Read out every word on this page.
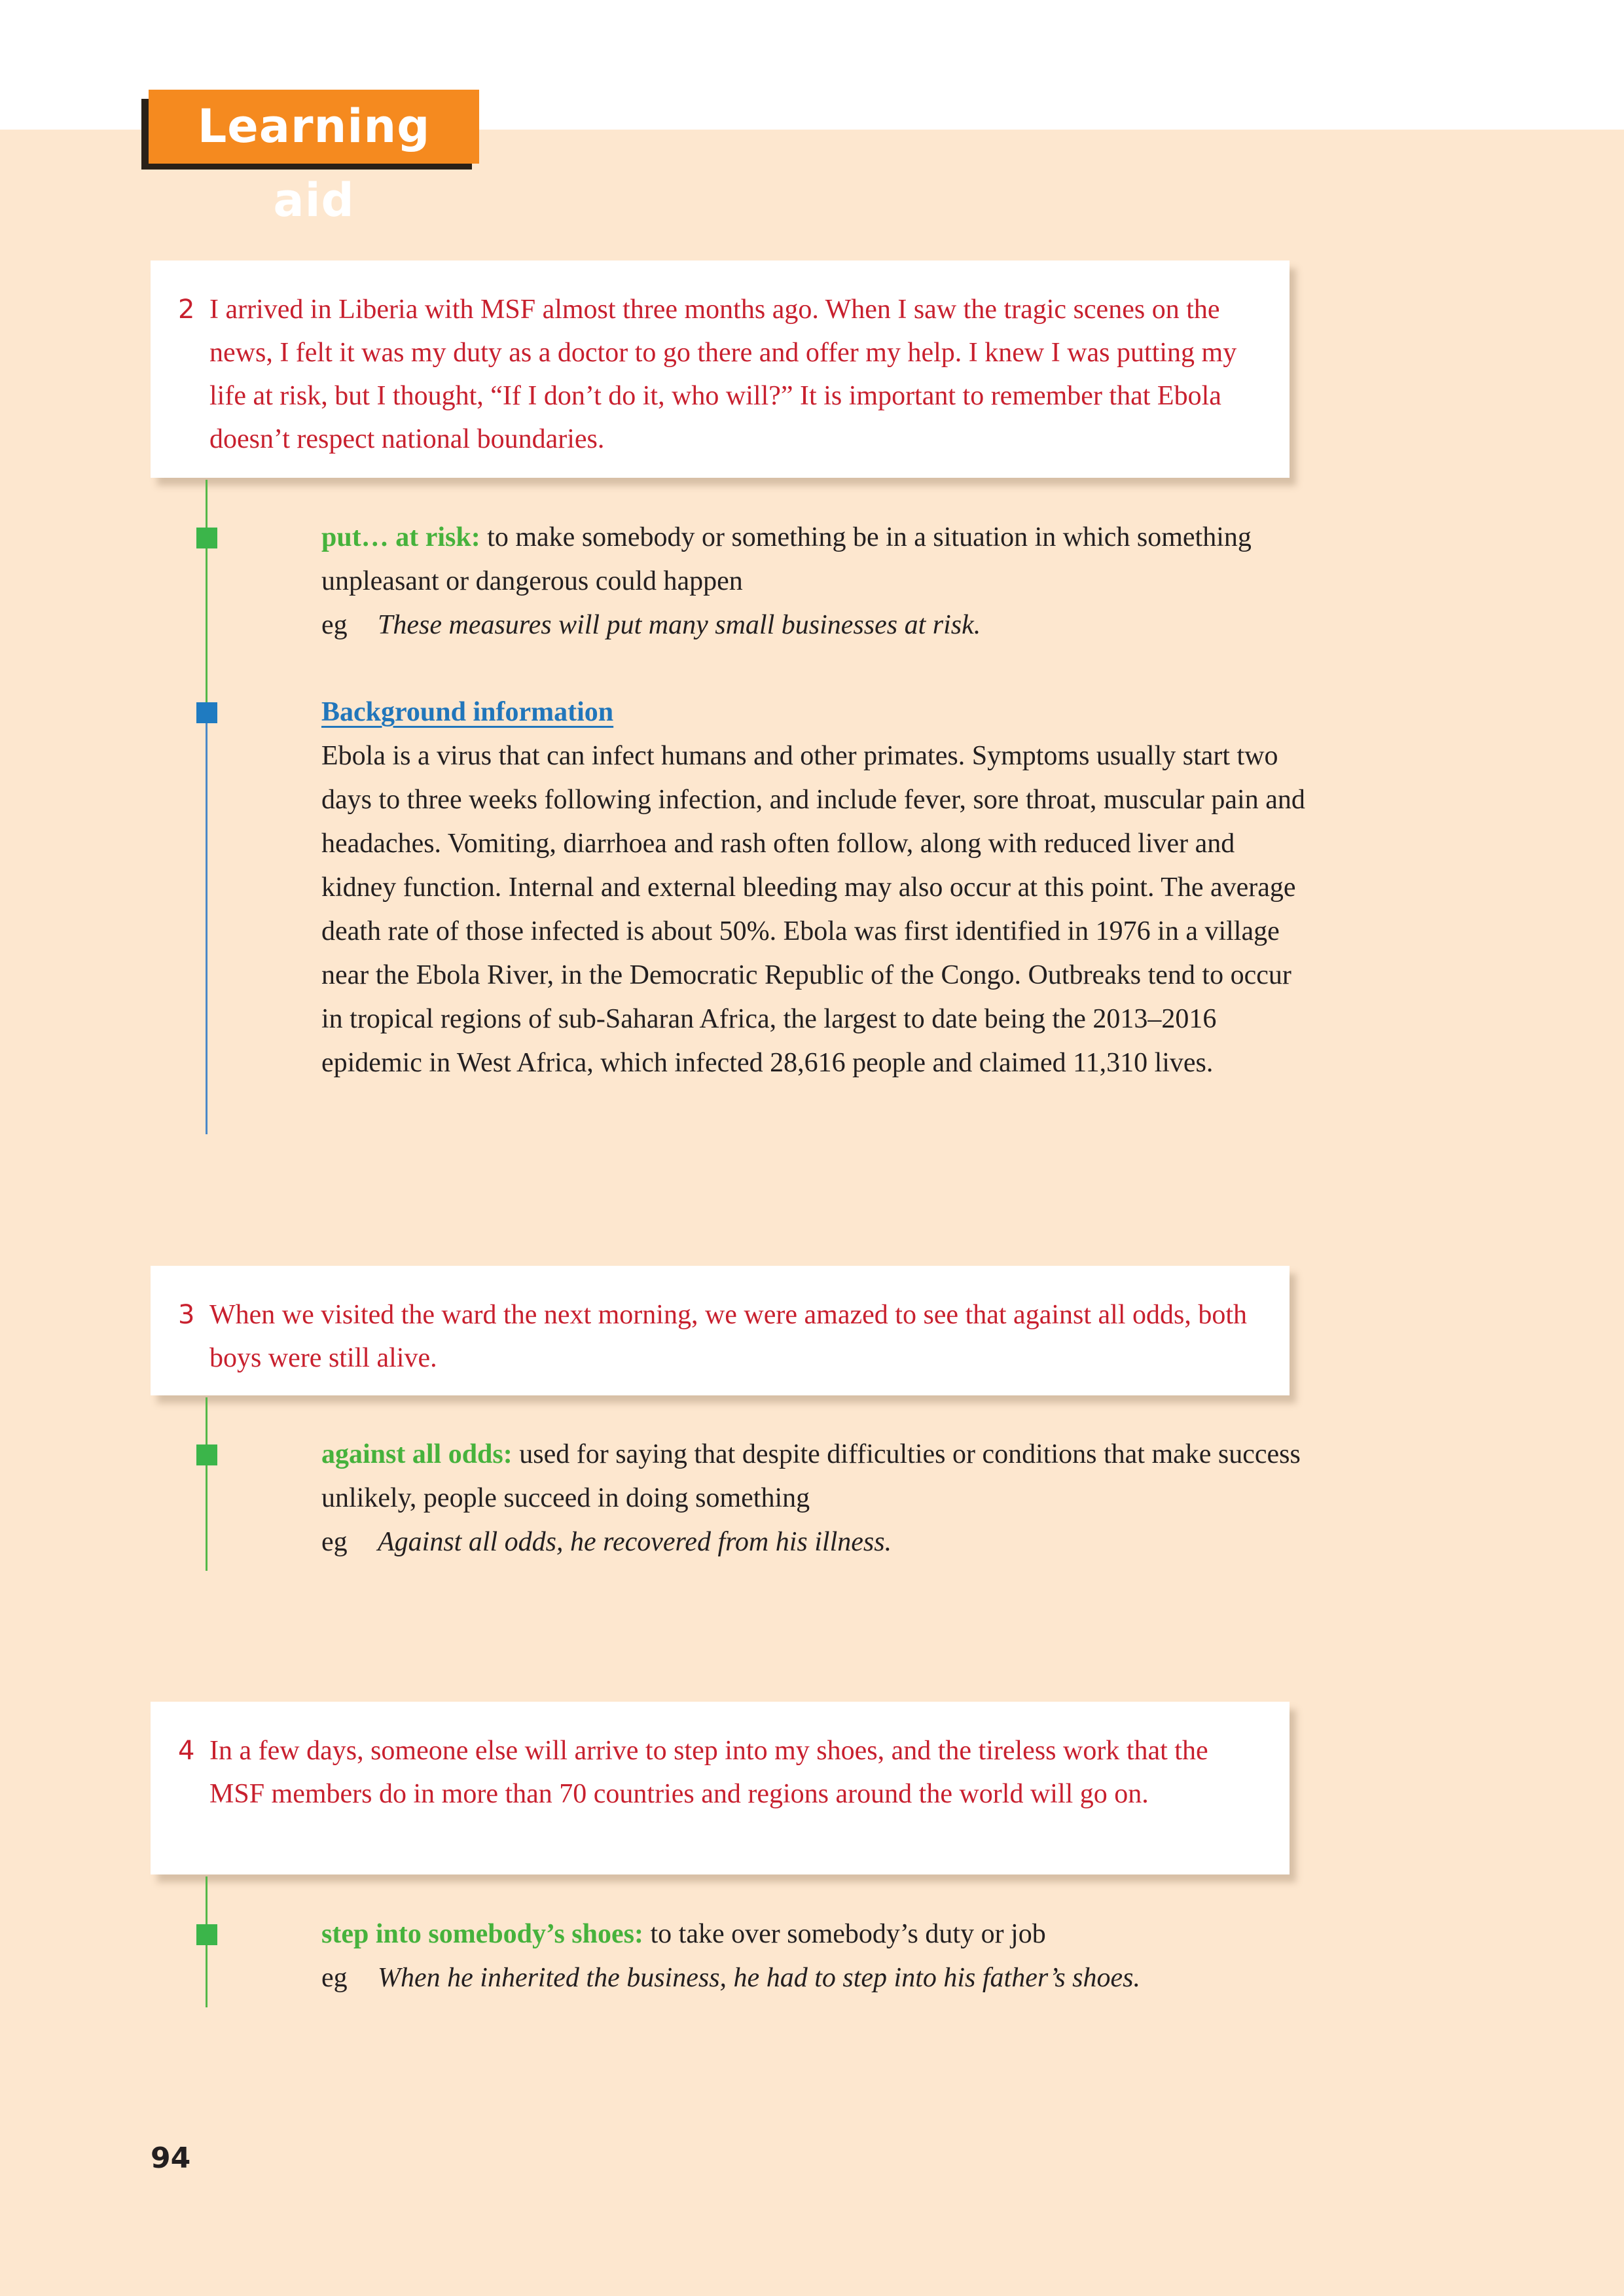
Learning aid
2 I arrived in Liberia with MSF almost three months ago. When I saw the tragic scenes on the news, I felt it was my duty as a doctor to go there and offer my help. I knew I was putting my life at risk, but I thought, “If I don’t do it, who will?” It is important to remember that Ebola doesn’t respect national boundaries.
put… at risk: to make somebody or something be in a situation in which something unpleasant or dangerous could happen
eg These measures will put many small businesses at risk.
Background information
Ebola is a virus that can infect humans and other primates. Symptoms usually start two days to three weeks following infection, and include fever, sore throat, muscular pain and headaches. Vomiting, diarrhoea and rash often follow, along with reduced liver and kidney function. Internal and external bleeding may also occur at this point. The average death rate of those infected is about 50%. Ebola was first identified in 1976 in a village near the Ebola River, in the Democratic Republic of the Congo. Outbreaks tend to occur in tropical regions of sub-Saharan Africa, the largest to date being the 2013–2016 epidemic in West Africa, which infected 28,616 people and claimed 11,310 lives.
3 When we visited the ward the next morning, we were amazed to see that against all odds, both boys were still alive.
against all odds: used for saying that despite difficulties or conditions that make success unlikely, people succeed in doing something
eg Against all odds, he recovered from his illness.
4 In a few days, someone else will arrive to step into my shoes, and the tireless work that the MSF members do in more than 70 countries and regions around the world will go on.
step into somebody’s shoes: to take over somebody’s duty or job
eg When he inherited the business, he had to step into his father’s shoes.
94
